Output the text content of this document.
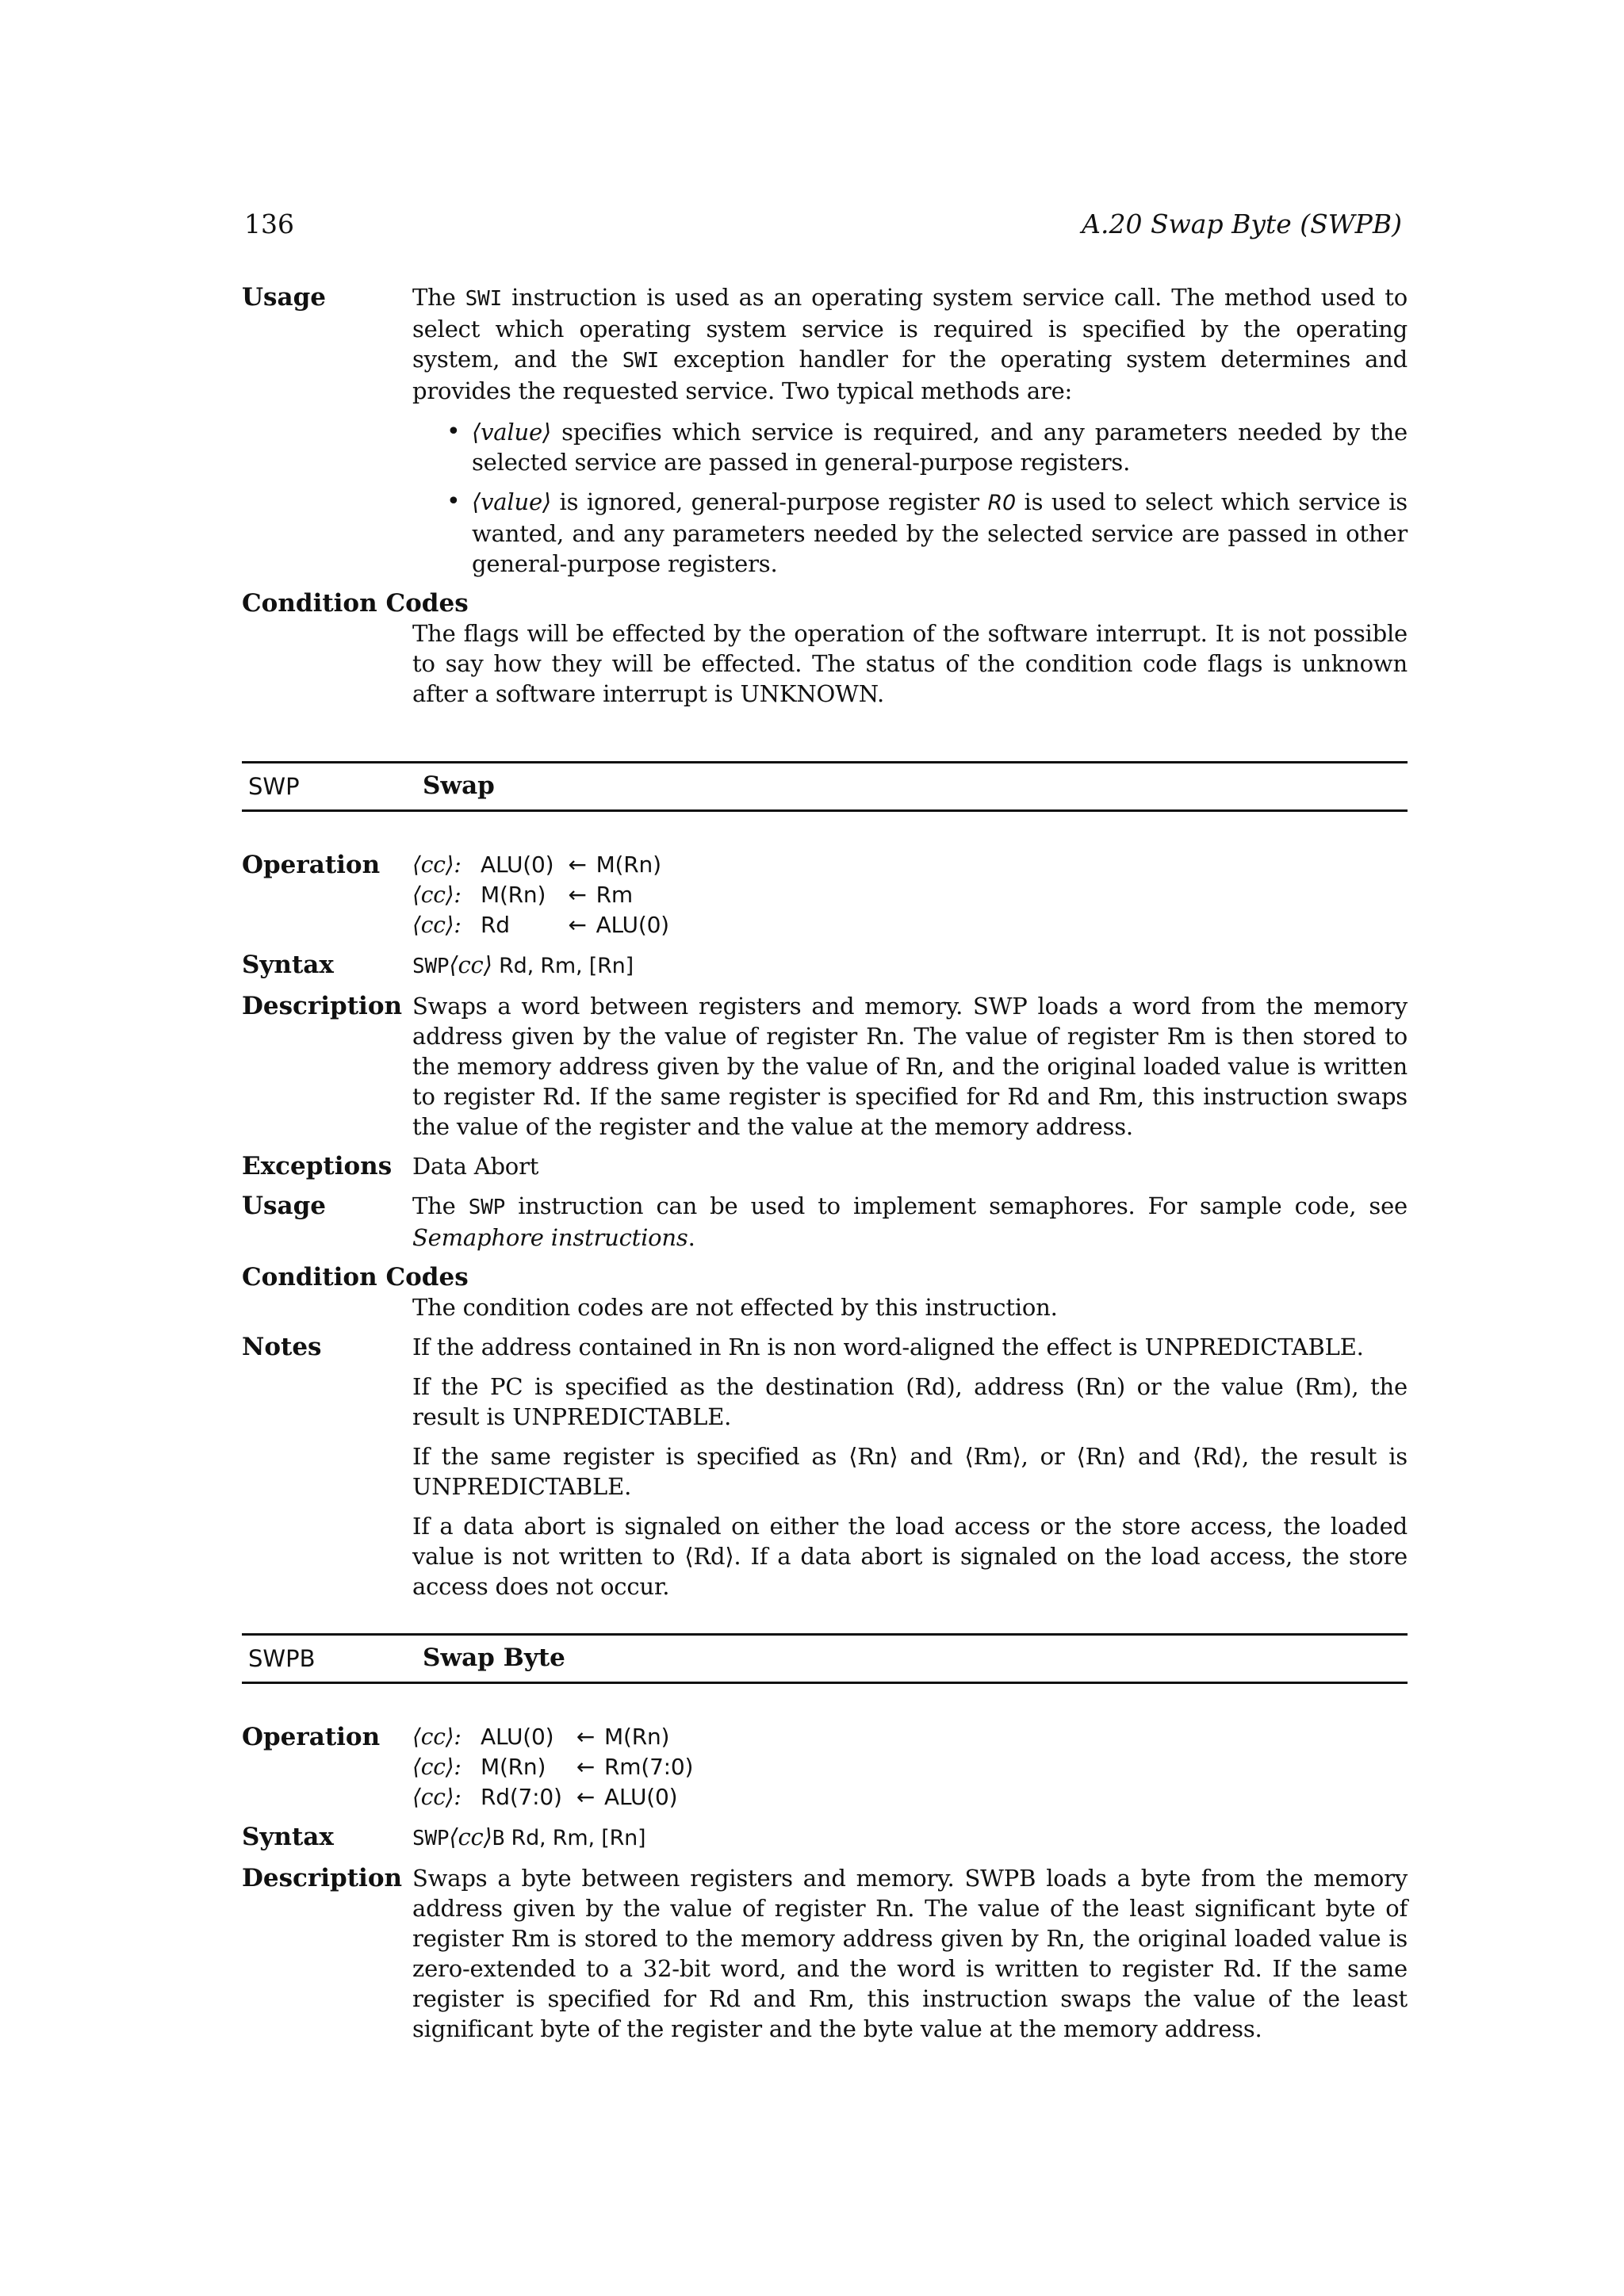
136	A.20 Swap Byte (SWPB)
Usage	The SWI instruction is used as an operating system service call. The method used to select which operating system service is required is specified by the operating system, and the SWI exception handler for the operating system determines and provides the requested service. Two typical methods are:

• ⟨value⟩ specifies which service is required, and any parameters needed by the selected service are passed in general-purpose registers.
• ⟨value⟩ is ignored, general-purpose register R0 is used to select which service is wanted, and any parameters needed by the selected service are passed in other general-purpose registers.
Condition Codes
The flags will be effected by the operation of the software interrupt. It is not possible to say how they will be effected. The status of the condition code flags is unknown after a software interrupt is UNKNOWN.
SWP	Swap
Operation ⟨cc⟩:	ALU(0)	←	M(Rn)
⟨cc⟩:	M(Rn)	←	Rm
⟨cc⟩:	Rd	←	ALU(0)
Syntax	SWP⟨cc⟩ Rd, Rm, [Rn]
Description Swaps a word between registers and memory. SWP loads a word from the memory address given by the value of register Rn. The value of register Rm is then stored to the memory address given by the value of Rn, and the original loaded value is written to register Rd. If the same register is specified for Rd and Rm, this instruction swaps the value of the register and the value at the memory address.
Exceptions Data Abort
Usage	The SWP instruction can be used to implement semaphores. For sample code, see Semaphore instructions.
Condition Codes
The condition codes are not effected by this instruction.
Notes	If the address contained in Rn is non word-aligned the effect is UNPREDICTABLE.

If the PC is specified as the destination (Rd), address (Rn) or the value (Rm), the result is UNPREDICTABLE.

If the same register is specified as ⟨Rn⟩ and ⟨Rm⟩, or ⟨Rn⟩ and ⟨Rd⟩, the result is UNPREDICTABLE.

If a data abort is signaled on either the load access or the store access, the loaded value is not written to ⟨Rd⟩. If a data abort is signaled on the load access, the store access does not occur.

SWPB	Swap Byte
Operation ⟨cc⟩:	ALU(0)	←	M(Rn)
⟨cc⟩:	M(Rn)	←	Rm(7:0)
⟨cc⟩:	Rd(7:0)	←	ALU(0)
Syntax	SWP⟨cc⟩B Rd, Rm, [Rn]
Description Swaps a byte between registers and memory. SWPB loads a byte from the memory address given by the value of register Rn. The value of the least significant byte of register Rm is stored to the memory address given by Rn, the original loaded value is zero-extended to a 32-bit word, and the word is written to register Rd. If the same register is specified for Rd and Rm, this instruction swaps the value of the least significant byte of the register and the byte value at the memory address.
